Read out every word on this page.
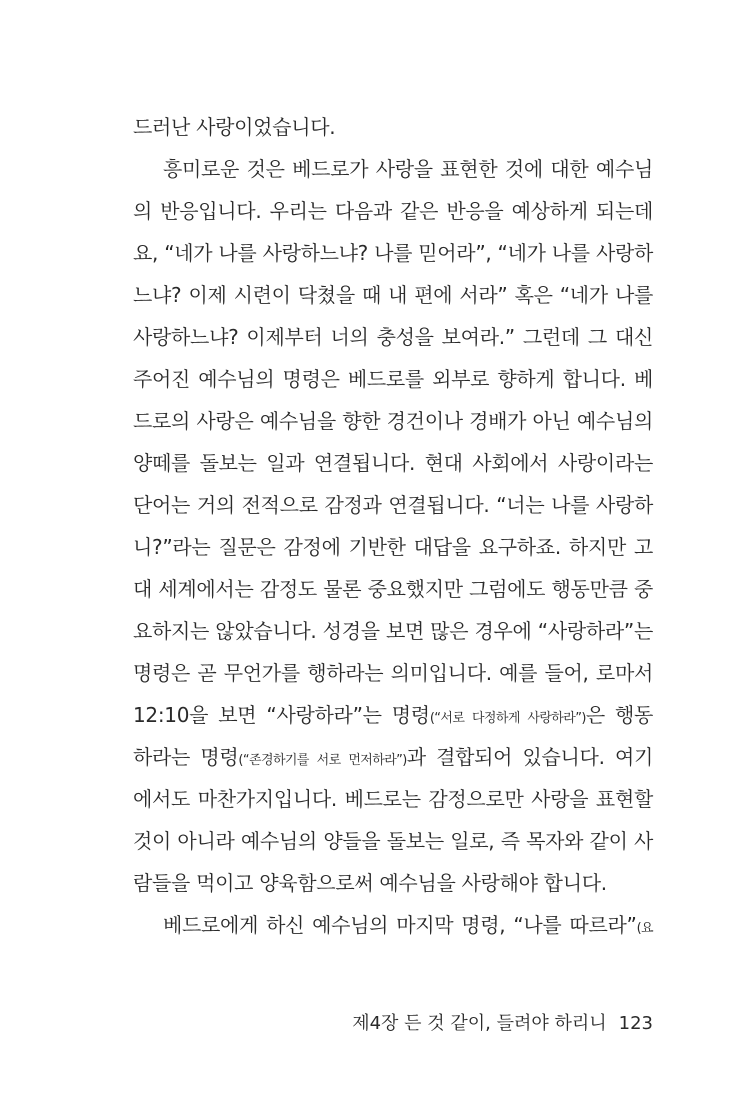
드러난 사랑이었습니다.
흥미로운 것은 베드로가 사랑을 표현한 것에 대한 예수님
의 반응입니다. 우리는 다음과 같은 반응을 예상하게 되는데
요, “네가 나를 사랑하느냐? 나를 믿어라”, “네가 나를 사랑하
느냐? 이제 시련이 닥쳤을 때 내 편에 서라” 혹은 “네가 나를
사랑하느냐? 이제부터 너의 충성을 보여라.” 그런데 그 대신
주어진 예수님의 명령은 베드로를 외부로 향하게 합니다. 베
드로의 사랑은 예수님을 향한 경건이나 경배가 아닌 예수님의
양떼를 돌보는 일과 연결됩니다. 현대 사회에서 사랑이라는
단어는 거의 전적으로 감정과 연결됩니다. “너는 나를 사랑하
니?”라는 질문은 감정에 기반한 대답을 요구하죠. 하지만 고
대 세계에서는 감정도 물론 중요했지만 그럼에도 행동만큼 중
요하지는 않았습니다. 성경을 보면 많은 경우에 “사랑하라”는
명령은 곧 무언가를 행하라는 의미입니다. 예를 들어, 로마서
12:10을 보면 “사랑하라”는 명령(“서로 다정하게 사랑하라”)은 행동
하라는 명령(“존경하기를 서로 먼저하라”)과 결합되어 있습니다. 여기
에서도 마찬가지입니다. 베드로는 감정으로만 사랑을 표현할
것이 아니라 예수님의 양들을 돌보는 일로, 즉 목자와 같이 사
람들을 먹이고 양육함으로써 예수님을 사랑해야 합니다.
베드로에게 하신 예수님의 마지막 명령, “나를 따르라”(요
제4장 든 것 같이, 들려야 하리니 123
